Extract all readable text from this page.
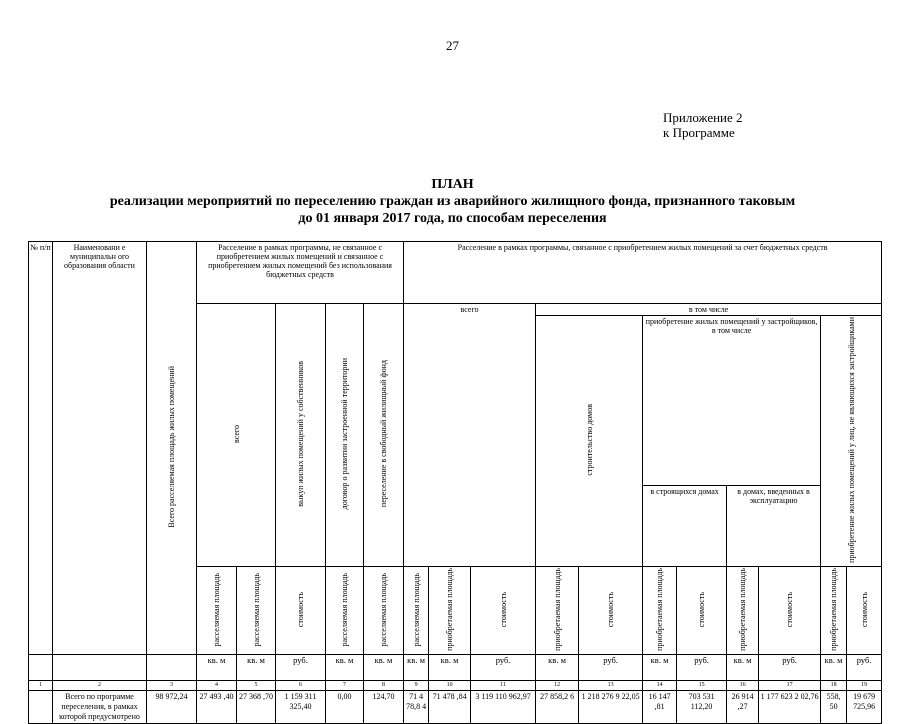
27
Приложение 2
к Программе
ПЛАН
реализации мероприятий по переселению граждан из аварийного жилищного фонда, признанного таковым
до 01 января 2017 года, по способам переселения
№ п/п	Наименовани е муниципальн ого образования области	Всего расселяемая площадь жилых помещений	Расселение в рамках программы, не связанное с приобретением жилых помещений и связанное с приобретением жилых помещений без использования бюджетных средств					Расселение в рамках программы, связанное с приобретением жилых помещений за счет бюджетных средств										
			всего		выкуп жилых помещений у собственников	договор о развитии застроенной территории	переселение в свободный жилищный фонд	всего			в том числе							
											строительство домов		приобретение жилых помещений у застройщиков, в том числе				приобретение жилых помещений у лиц, не являющихся застройщиками	
													в строящихся домах		в домах, введенных в эксплуатацию			
			расселяемая площадь	расселяемая площадь	стоимость	расселяемая площадь	расселяемая площадь	расселяемая площадь	приобретаемая площадь	стоимость	приобретаемая площадь	стоимость	приобретаемая площадь	стоимость	приобретаемая площадь	стоимость	приобретаемая площадь	стоимость
			кв. м	кв. м	руб.	кв. м	кв. м	кв. м	кв. м	руб.	кв. м	руб.	кв. м	руб.	кв. м	руб.	кв. м	руб.
1	2	3	4	5	6	7	8	9	10	11	12	13	14	15	16	17	18	19
	Всего по программе переселения, в рамках которой предусмотрено	98 972,24	27 493 ,40	27 368 ,70	1 159 311 325,40	0,00	124,70	71 4 78,8 4	71 478 ,84	3 119 110 962,97	27 858,2 6	1 218 276 9 22,05	16 147 ,81	703 531 112,20	26 914 ,27	1 177 623 2 02,76	558, 50	19 679 725,96
